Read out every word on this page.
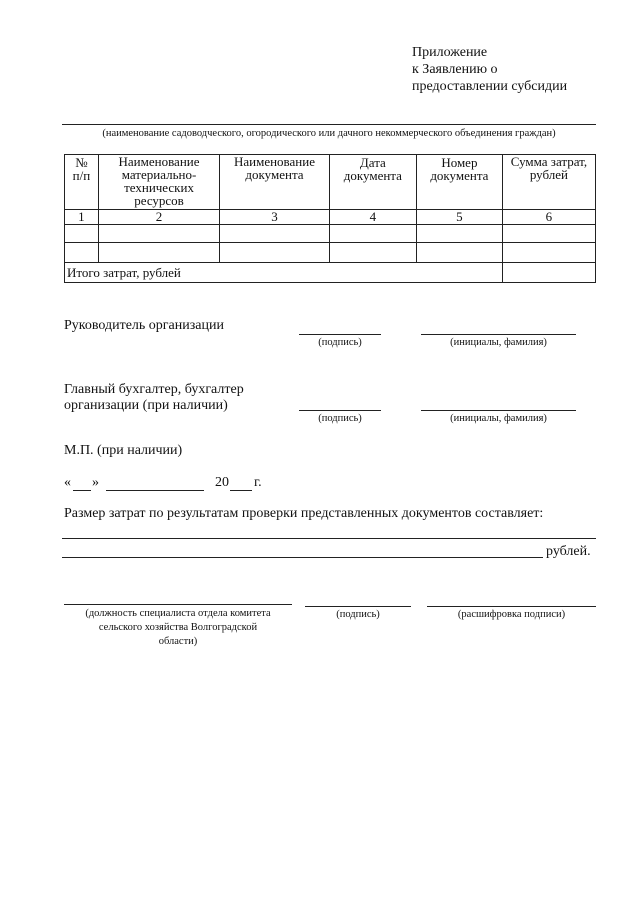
Приложение
к Заявлению о
предоставлении субсидии
(наименование садоводческого, огородического или дачного некоммерческого объединения граждан)
№ п/п	Наименование материально-технических ресурсов	Наименование документа	Дата документа	Номер документа	Сумма затрат, рублей
1	2	3	4	5	6

Итого затрат, рублей					
Руководитель организации
(подпись)	(инициалы, фамилия)
Главный бухгалтер, бухгалтер
организации (при наличии)
(подпись)	(инициалы, фамилия)
М.П. (при наличии)
« »	20 г.
Размер затрат по результатам проверки представленных документов составляет:
рублей.
(должность специалиста отдела комитета
сельского хозяйства Волгоградской
области)
(подпись)	(расшифровка подписи)
